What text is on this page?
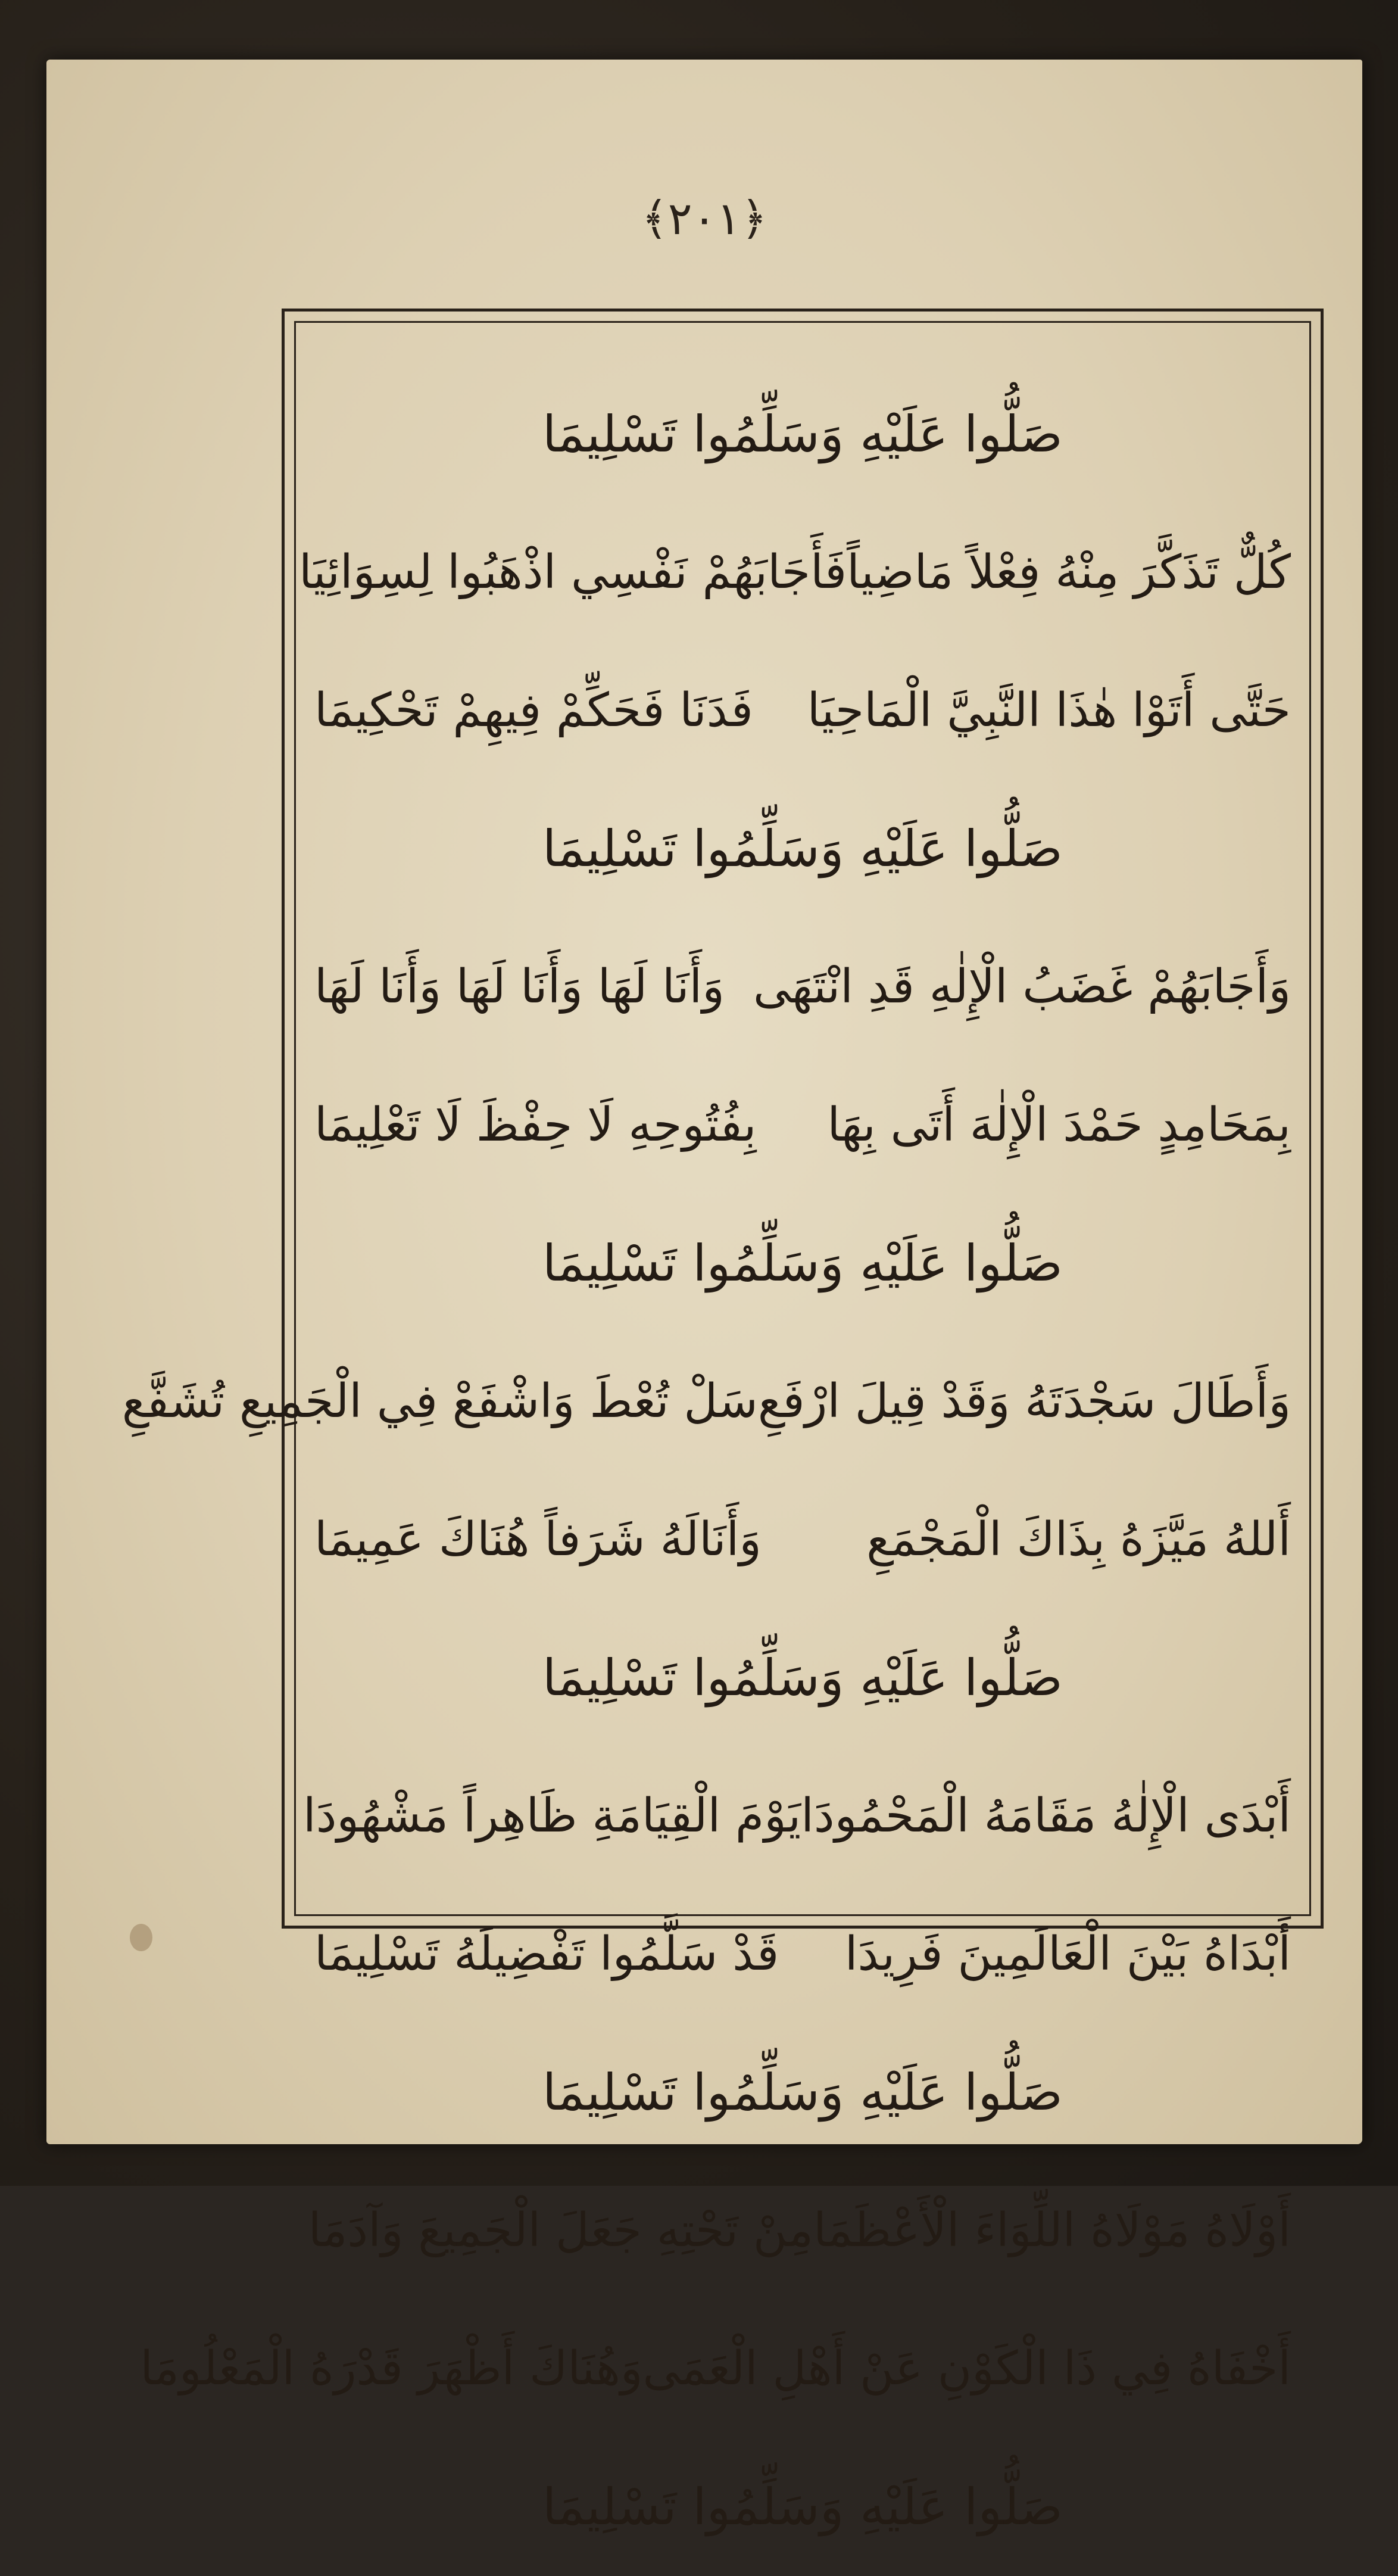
﴿٢٠١﴾
صَلُّوا عَلَيْهِ وَسَلِّمُوا تَسْلِيمَا
كُلٌّ تَذَكَّرَ مِنْهُ فِعْلاً مَاضِياً
فَأَجَابَهُمْ نَفْسِي اذْهَبُوا لِسِوَائِيَا
حَتَّى أَتَوْا هٰذَا النَّبِيَّ الْمَاحِيَا
فَدَنَا فَحَكِّمْ فِيهِمْ تَحْكِيمَا
صَلُّوا عَلَيْهِ وَسَلِّمُوا تَسْلِيمَا
وَأَجَابَهُمْ غَضَبُ الْإِلٰهِ قَدِ انْتَهَى
وَأَنَا لَهَا وَأَنَا لَهَا وَأَنَا لَهَا
بِمَحَامِدٍ حَمْدَ الْإِلٰهَ أَتَى بِهَا
بِفُتُوحِهِ لَا حِفْظَ لَا تَعْلِيمَا
صَلُّوا عَلَيْهِ وَسَلِّمُوا تَسْلِيمَا
وَأَطَالَ سَجْدَتَهُ وَقَدْ قِيلَ ارْفَعِ
سَلْ تُعْطَ وَاشْفَعْ فِي الْجَمِيعِ تُشَفَّعِ
أَللهُ مَيَّزَهُ بِذَاكَ الْمَجْمَعِ
وَأَنَالَهُ شَرَفاً هُنَاكَ عَمِيمَا
صَلُّوا عَلَيْهِ وَسَلِّمُوا تَسْلِيمَا
أَبْدَى الْإِلٰهُ مَقَامَهُ الْمَحْمُودَا
يَوْمَ الْقِيَامَةِ ظَاهِراً مَشْهُودَا
أَبْدَاهُ بَيْنَ الْعَالَمِينَ فَرِيدَا
قَدْ سَلَّمُوا تَفْضِيلَهُ تَسْلِيمَا
صَلُّوا عَلَيْهِ وَسَلِّمُوا تَسْلِيمَا
أَوْلَاهُ مَوْلَاهُ اللِّوَاءَ الْأَعْظَمَا
مِنْ تَحْتِهِ جَعَلَ الْجَمِيعَ وَآدَمَا
أَخْفَاهُ فِي ذَا الْكَوْنِ عَنْ أَهْلِ الْعَمَى
وَهُنَاكَ أَظْهَرَ قَدْرَهُ الْمَعْلُومَا
صَلُّوا عَلَيْهِ وَسَلِّمُوا تَسْلِيمَا
